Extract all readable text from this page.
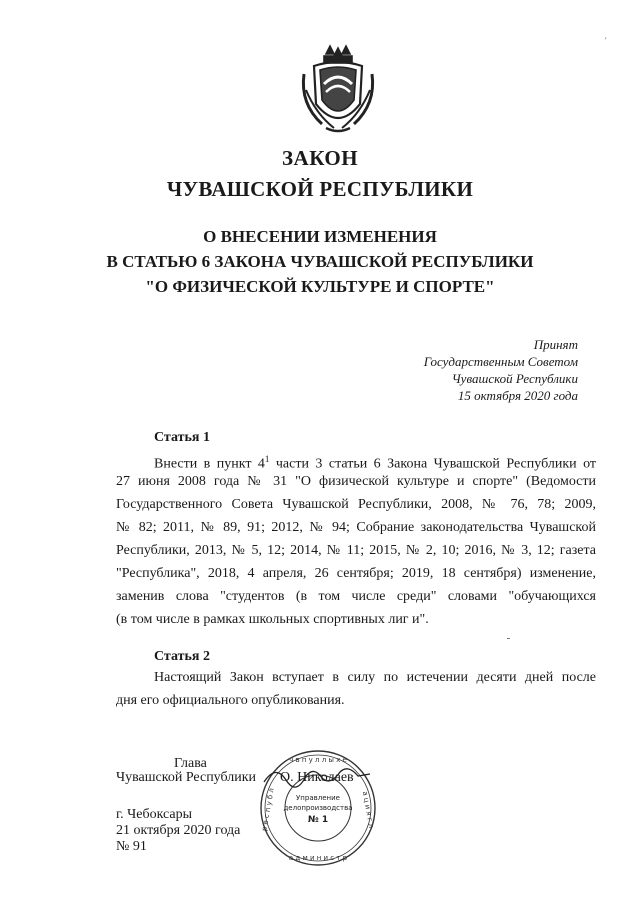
'
ЗАКОН
ЧУВАШСКОЙ РЕСПУБЛИКИ
О ВНЕСЕНИИ ИЗМЕНЕНИЯ
В СТАТЬЮ 6 ЗАКОНА ЧУВАШСКОЙ РЕСПУБЛИКИ
"О ФИЗИЧЕСКОЙ КУЛЬТУРЕ И СПОРТЕ"
Принят
Государственным Советом
Чувашской Республики
15 октября 2020 года
Статья 1
Внести в пункт $4^1$ части 3 статьи 6 Закона Чувашской Республики от
27 июня 2008 года № 31 "О физической культуре и спорте" (Ведомости
Государственного Совета Чувашской Республики, 2008, № 76, 78; 2009,
№ 82; 2011, № 89, 91; 2012, № 94; Собрание законодательства Чувашской
Республики, 2013, № 5, 12; 2014, № 11; 2015, № 2, 10; 2016, № 3, 12; газета
"Республика", 2018, 4 апреля, 26 сентября; 2019, 18 сентября) изменение,
заменив слова "студентов (в том числе среди" словами "обучающихся
(в том числе в рамках школьных спортивных лиг и".
Статья 2
Настоящий Закон вступает в силу по истечении десяти дней после
дня его официального опубликования.
ч в п у л л ы х е
а д м и н и с т р
р е с п у б л	а ц и я г л
Управление
делопроизводства
№ 1
Глава
Чувашской Республики О. Николаев
г. Чебоксары
21 октября 2020 года
№ 91
